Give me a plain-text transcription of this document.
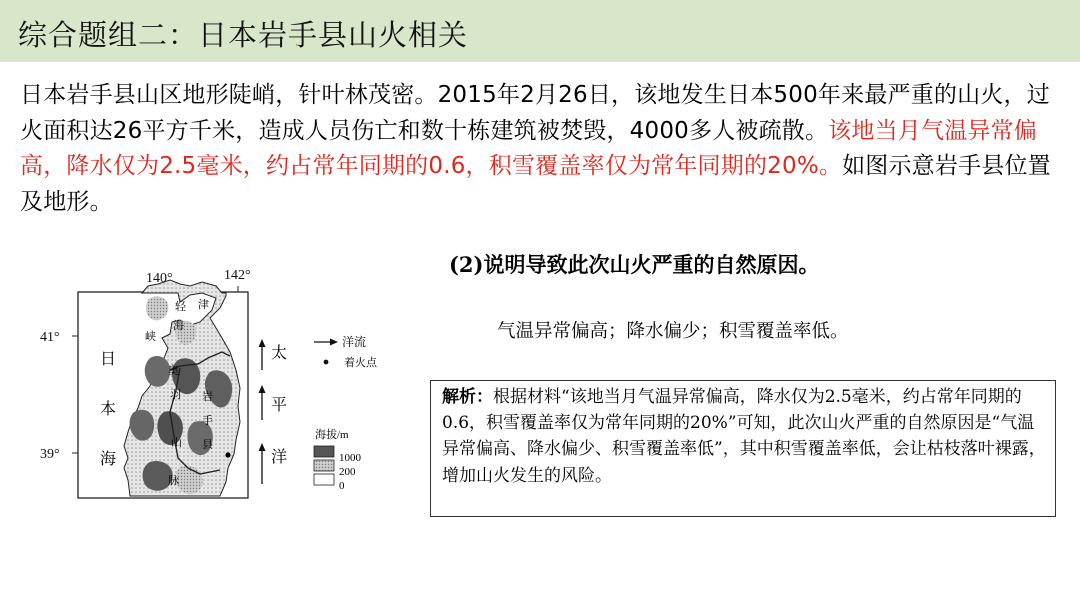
综合题组二：日本岩手县山火相关
日本岩手县山区地形陡峭，针叶林茂密。2015年2月26日，该地发生日本500年来最严重的山火，过火面积达26平方千米，造成人员伤亡和数十栋建筑被焚毁，4000多人被疏散。该地当月气温异常偏高，降水仅为2.5毫米，约占常年同期的0.6，积雪覆盖率仅为常年同期的20%。如图示意岩手县位置及地形。
140°	142°
41°
39°
日
本
海
太
平
洋
津
轻
海
峡
奥
羽
山
脉
岩
手
县
洋流
着火点
海拔/m
1000
200
0
(2)说明导致此次山火严重的自然原因。
气温异常偏高；降水偏少；积雪覆盖率低。
解析：根据材料“该地当月气温异常偏高，降水仅为2.5毫米，约占常年同期的0.6，积雪覆盖率仅为常年同期的20%”可知，此次山火严重的自然原因是“气温异常偏高、降水偏少、积雪覆盖率低”，其中积雪覆盖率低，会让枯枝落叶裸露，增加山火发生的风险。
